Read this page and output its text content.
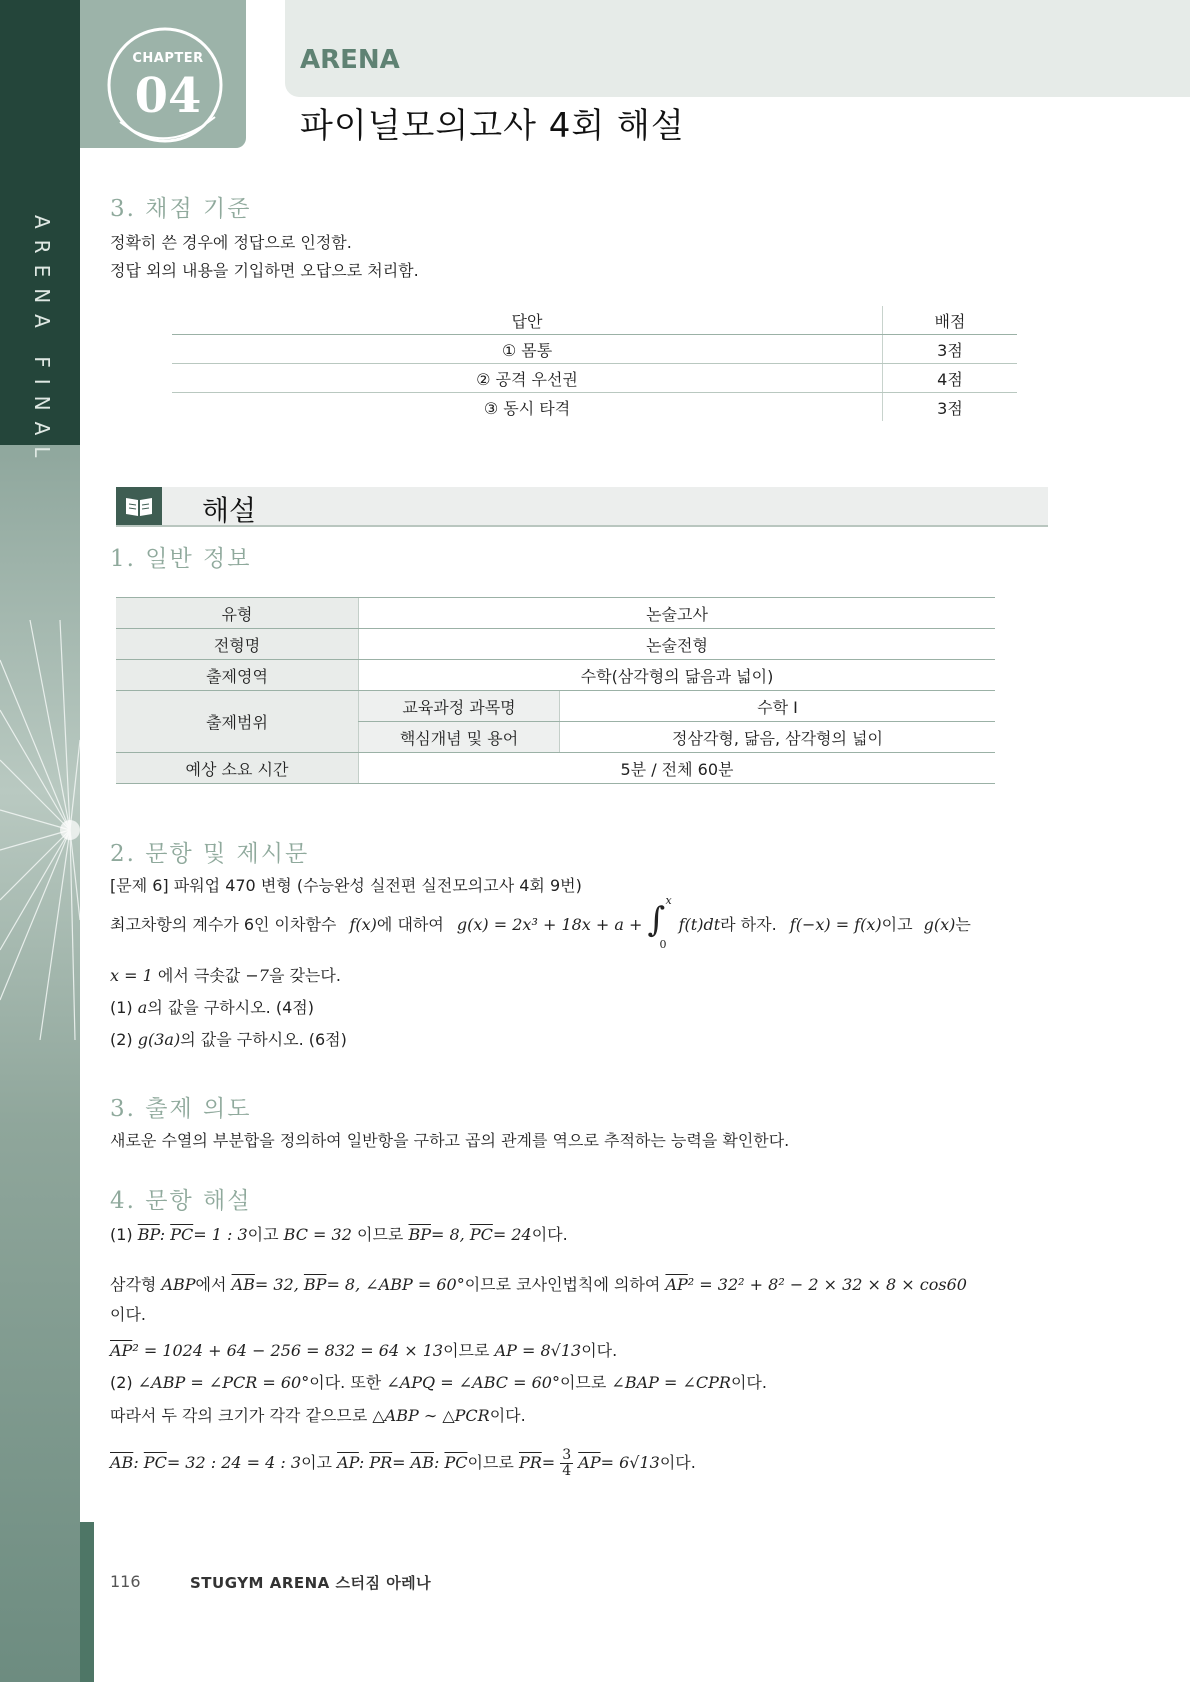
ARENA FINAL
CHAPTER
04
ARENA
파이널모의고사 4회 해설
3. 채점 기준
정확히 쓴 경우에 정답으로 인정함.
정답 외의 내용을 기입하면 오답으로 처리함.
답안	배점
① 몸통	3점
② 공격 우선권	4점
③ 동시 타격	3점
해설
1. 일반 정보
유형	논술고사	
전형명	논술전형	
출제영역	수학(삼각형의 닮음과 넓이)	
출제범위	교육과정 과목명	수학 I
	핵심개념 및 용어	정삼각형, 닮음, 삼각형의 넓이
예상 소요 시간	5분 / 전체 60분	
2. 문항 및 제시문
[문제 6] 파워업 470 변형 (수능완성 실전편 실전모의고사 4회 9번)
최고차항의 계수가 6인 이차함수 f(x)에 대하여 g(x) = 2x³ + 18x + a + ∫ x
0
f(t)dt라 하자. f(−x) = f(x)이고 g(x)는
x = 1 에서 극솟값 −7을 갖는다.
(1) a의 값을 구하시오. (4점)
(2) g(3a)의 값을 구하시오. (6점)
3. 출제 의도
새로운 수열의 부분합을 정의하여 일반항을 구하고 곱의 관계를 역으로 추적하는 능력을 확인한다.
4. 문항 해설
(1) $\overline{BP}$: $\overline{PC}= 1$ : 3이고 BC = 32 이므로 $\overline{BP}= 8$, $\overline{PC}= 24$이다.
삼각형 ABP에서 $\overline{AB}= 32$, $\overline{BP}= 8$, ∠ABP = 60°이므로 코사인법칙에 의하여 $\overline{AP}^2 = 32^2 + 8^2 - 2 \times 32 \times 8 \times \cos 60$
이다.
$\overline{AP}^2 = 1024 + 64 - 256 = 832 = 64 \times 13$이므로 AP = 8√13이다.
(2) ∠ABP = ∠PCR = 60°이다. 또한 ∠APQ = ∠ABC = 60°이므로 ∠BAP = ∠CPR이다.
따라서 두 각의 크기가 각각 같으므로 △ABP ∼ △PCR이다.
$\overline{AB}$: $\overline{PC}= 32$ : 24 = 4 : 3이고 $\overline{AP}$: $\overline{PR}= \overline{AB}$: $\overline{PC}$이므로 $\overline{PR}= \frac{3}{4} \overline{AP}= 6√13$이다.
116	STUGYM ARENA 스터짐 아레나
